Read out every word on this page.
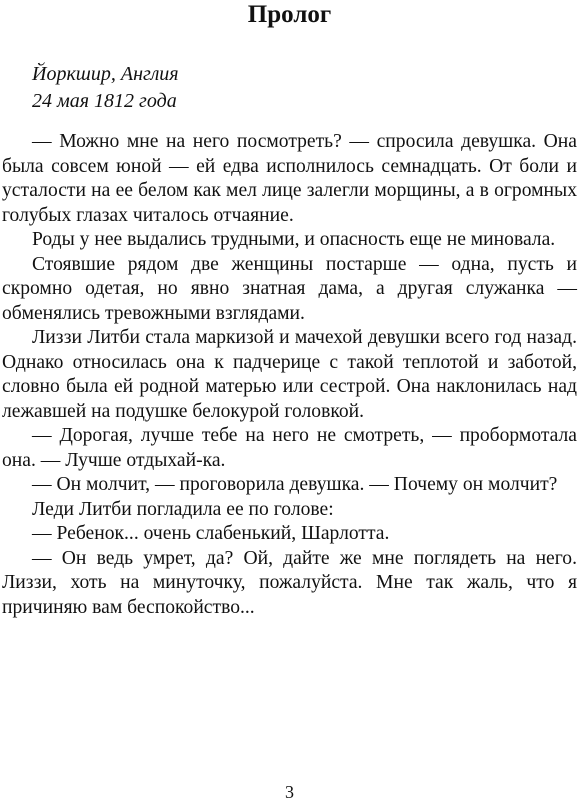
Пролог
Йоркшир, Англия
24 мая 1812 года

— Можно мне на него посмотреть? — спросила девушка. Она была совсем юной — ей едва исполнилось семнадцать. От боли и усталости на ее белом как мел лице залегли морщины, а в огромных голубых глазах читалось отчаяние.

Роды у нее выдались трудными, и опасность еще не миновала.

Стоявшие рядом две женщины постарше — одна, пусть и скромно одетая, но явно знатная дама, а другая служанка — обменялись тревожными взглядами.

Лиззи Литби стала маркизой и мачехой девушки всего год назад. Однако относилась она к падчерице с такой теплотой и заботой, словно была ей родной матерью или сестрой. Она наклонилась над лежавшей на подушке белокурой головкой.

— Дорогая, лучше тебе на него не смотреть, — пробормотала она. — Лучше отдыхай-ка.

— Он молчит, — проговорила девушка. — Почему он молчит?

Леди Литби погладила ее по голове:

— Ребенок... очень слабенький, Шарлотта.

— Он ведь умрет, да? Ой, дайте же мне поглядеть на него. Лиззи, хоть на минуточку, пожалуйста. Мне так жаль, что я причиняю вам беспокойство...

3
